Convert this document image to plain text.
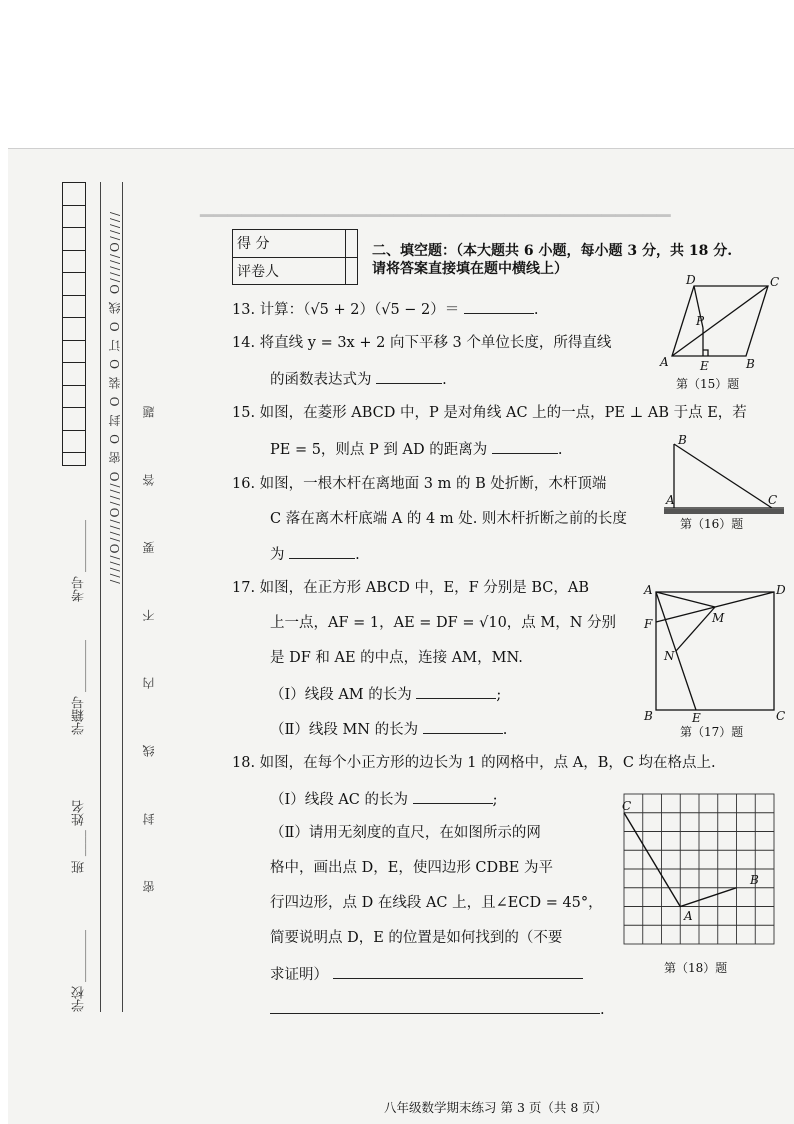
▔▔▔▔▔▔▔▔▔▔▔▔▔▔▔▔▔▔▔▔▔▔▔▔▔▔▔▔▔▔▔▔▔▔
考号 ________
学籍号 ________
班 ____ 姓名
学校 ________
/////O////O////O 密 O 封 O 装 O 订 O 线 O/////O///// 密 封 线 内 不 要 答 题
得 分	
评卷人	
二、填空题：（本大题共 6 小题，每小题 3 分，共 18 分.
请将答案直接填在题中横线上）
13. 计算：（√5 + 2）（√5 − 2）＝	.
14. 将直线 y = 3x + 2 向下平移 3 个单位长度，所得直线
的函数表达式为	.
15. 如图，在菱形 ABCD 中，P 是对角线 AC 上的一点，PE ⊥ AB 于点 E，若
PE = 5，则点 P 到 AD 的距离为	.
16. 如图，一根木杆在离地面 3 m 的 B 处折断，木杆顶端
C 落在离木杆底端 A 的 4 m 处. 则木杆折断之前的长度
为	.
17. 如图，在正方形 ABCD 中，E，F 分别是 BC，AB
上一点，AF = 1，AE = DF = √10，点 M，N 分别
是 DF 和 AE 的中点，连接 AM，MN.
（Ⅰ）线段 AM 的长为	;
（Ⅱ）线段 MN 的长为	.
18. 如图，在每个小正方形的边长为 1 的网格中，点 A，B，C 均在格点上.
（Ⅰ）线段 AC 的长为	;
（Ⅱ）请用无刻度的直尺，在如图所示的网
格中，画出点 D，E，使四边形 CDBE 为平
行四边形，点 D 在线段 AC 上，且∠ECD = 45°，
简要说明点 D，E 的位置是如何找到的（不要
求证明）
.
D	C
P
A	E	B
第（15）题
B
A	C
第（16）题
A	D
M
F
N
B	E	C
第（17）题
C
B
A
第（18）题
八年级数学期末练习 第 3 页（共 8 页）
